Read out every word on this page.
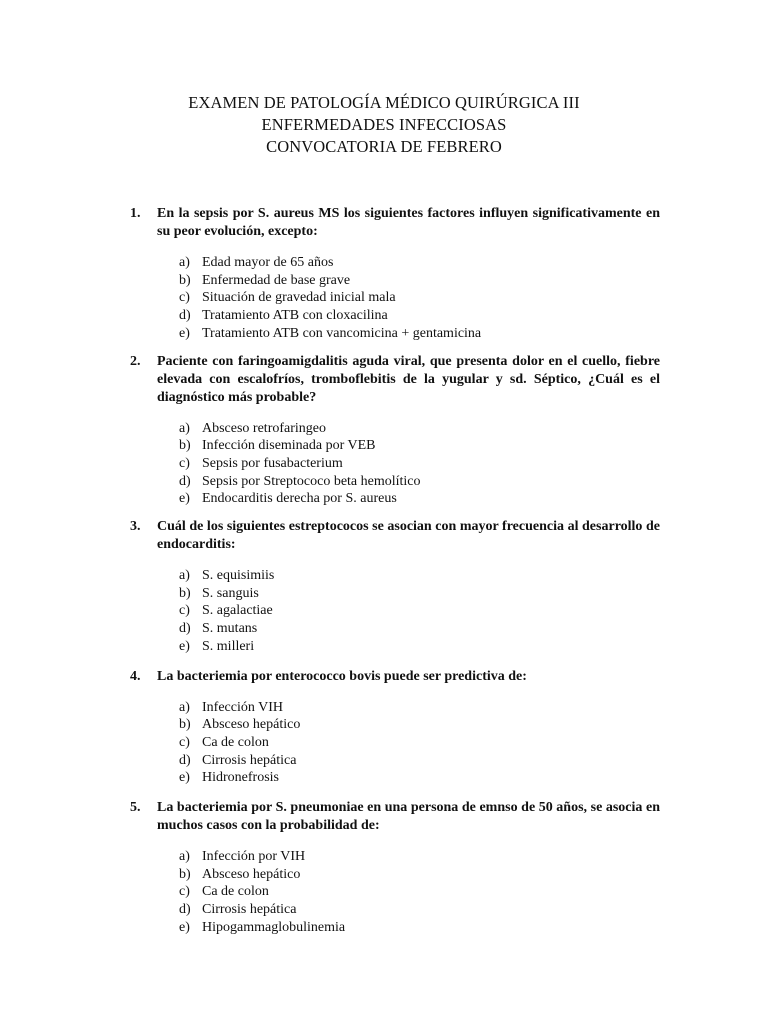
EXAMEN DE PATOLOGÍA MÉDICO QUIRÚRGICA III
ENFERMEDADES INFECCIOSAS
CONVOCATORIA DE FEBRERO
1. En la sepsis por S. aureus MS los siguientes factores influyen significativamente en su peor evolución, excepto:
a) Edad mayor de 65 años
b) Enfermedad de base grave
c) Situación de gravedad inicial mala
d) Tratamiento ATB con cloxacilina
e) Tratamiento ATB con vancomicina + gentamicina
2. Paciente con faringoamigdalitis aguda viral, que presenta dolor en el cuello, fiebre elevada con escalofríos, tromboflebitis de la yugular y sd. Séptico, ¿Cuál es el diagnóstico más probable?
a) Absceso retrofaringeo
b) Infección diseminada por VEB
c) Sepsis por fusabacterium
d) Sepsis por Streptococo beta hemolítico
e) Endocarditis derecha por S. aureus
3. Cuál de los siguientes estreptococos se asocian con mayor frecuencia al desarrollo de endocarditis:
a) S. equisimiis
b) S. sanguis
c) S. agalactiae
d) S. mutans
e) S. milleri
4. La bacteriemia por enterococco bovis puede ser predictiva de:
a) Infección VIH
b) Absceso hepático
c) Ca de colon
d) Cirrosis hepática
e) Hidronefrosis
5. La bacteriemia por S. pneumoniae en una persona de emnso de 50 años, se asocia en muchos casos con la probabilidad de:
a) Infección por VIH
b) Absceso hepático
c) Ca de colon
d) Cirrosis hepática
e) Hipogammaglobulinemia
